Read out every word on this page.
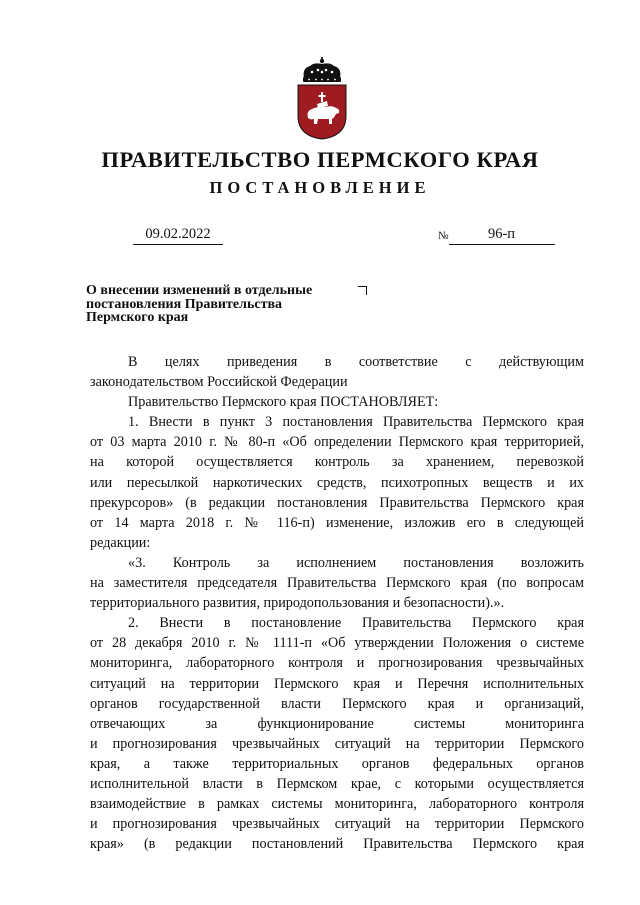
ПРАВИТЕЛЬСТВО ПЕРМСКОГО КРАЯ
ПОСТАНОВЛЕНИЕ
09.02.2022	№	96-п
О внесении изменений в отдельные
постановления Правительства
Пермского края

В целях приведения в соответствие с действующим

законодательством Российской Федерации

Правительство Пермского края ПОСТАНОВЛЯЕТ:

1. Внести в пункт 3 постановления Правительства Пермского края

от 03 марта 2010 г. № 80-п «Об определении Пермского края территорией,

на которой осуществляется контроль за хранением, перевозкой

или пересылкой наркотических средств, психотропных веществ и их

прекурсоров» (в редакции постановления Правительства Пермского края

от 14 марта 2018 г. № 116-п) изменение, изложив его в следующей

редакции:

«3. Контроль за исполнением постановления возложить

на заместителя председателя Правительства Пермского края (по вопросам

территориального развития, природопользования и безопасности).».

2. Внести в постановление Правительства Пермского края

от 28 декабря 2010 г. № 1111-п «Об утверждении Положения о системе

мониторинга, лабораторного контроля и прогнозирования чрезвычайных

ситуаций на территории Пермского края и Перечня исполнительных

органов государственной власти Пермского края и организаций,

отвечающих за функционирование системы мониторинга

и прогнозирования чрезвычайных ситуаций на территории Пермского

края, а также территориальных органов федеральных органов

исполнительной власти в Пермском крае, с которыми осуществляется

взаимодействие в рамках системы мониторинга, лабораторного контроля

и прогнозирования чрезвычайных ситуаций на территории Пермского

края» (в редакции постановлений Правительства Пермского края
